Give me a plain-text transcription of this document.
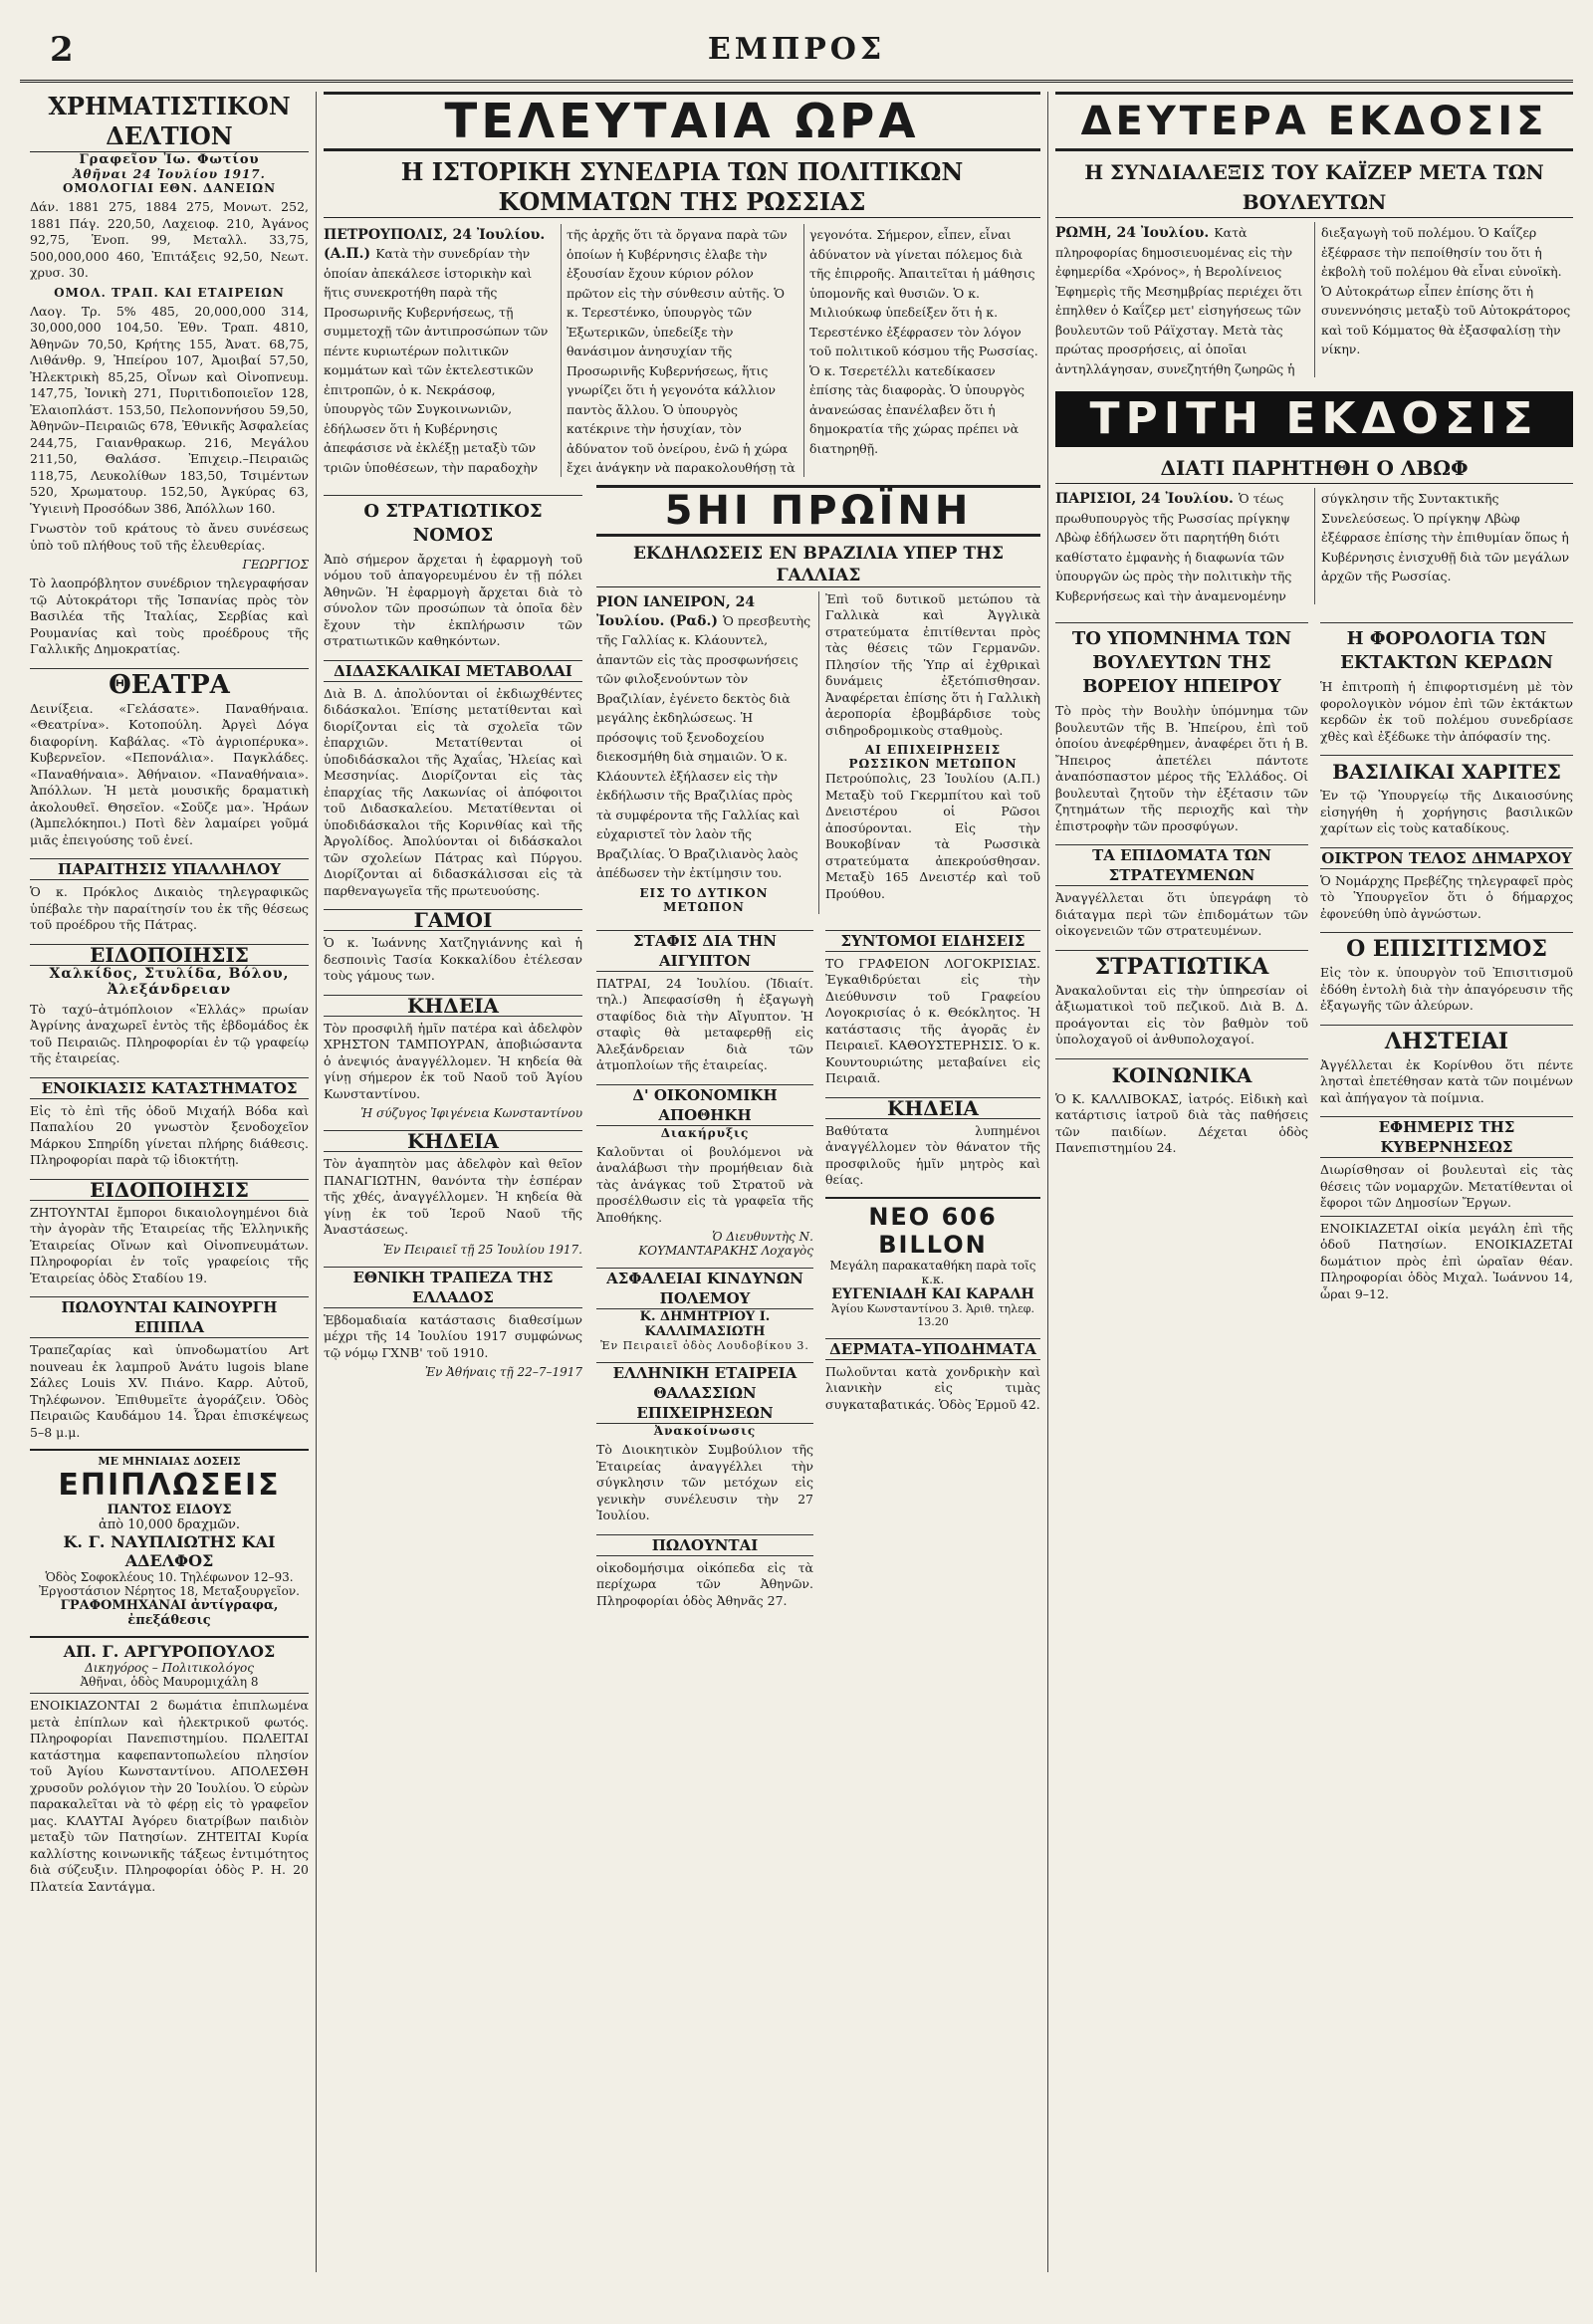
2	ΕΜΠΡΟΣ
ΧΡΗΜΑΤΙΣΤΙΚΟΝ ΔΕΛΤΙΟΝ
Γραφεῖον Ἰω. Φωτίου
Ἀθῆναι 24 Ἰουλίου 1917.
ΟΜΟΛΟΓΙΑΙ ΕΘΝ. ΔΑΝΕΙΩΝ

Δάν. 1881 275, 1884 275, Μονωτ. 252, 1881 Πάγ. 220,50, Λαχειοφ. 210, Ἀγάνος 92,75, Ἑνοπ. 99, Μεταλλ. 33,75, 500,000,000 460, Ἐπιτάξεις 92,50, Νεωτ. χρυσ. 30.

ΟΜΟΛ. ΤΡΑΠ. ΚΑΙ ΕΤΑΙΡΕΙΩΝ

Λαογ. Τρ. 5% 485, 20,000,000 314, 30,000,000 104,50. Ἐθν. Τραπ. 4810, Ἀθηνῶν 70,50, Κρήτης 155, Ἀνατ. 68,75, Λιθάνθρ. 9, Ἠπείρου 107, Ἀμοιβαί 57,50, Ἠλεκτρικὴ 85,25, Οἶνων καὶ Οἰνοπνευμ. 147,75, Ἰονικὴ 271, Πυριτιδοποιεῖον 128, Ἐλαιοπλάστ. 153,50, Πελοποννήσου 59,50, Ἀθηνῶν–Πειραιῶς 678, Ἐθνικῆς Ἀσφαλείας 244,75, Γαιανθρακωρ. 216, Μεγάλου 211,50, Θαλάσσ. Ἐπιχειρ.–Πειραιῶς 118,75, Λευκολίθων 183,50, Τσιμέντων 520, Χρωματουρ. 152,50, Ἀγκύρας 63, Ὑγιεινὴ Προσόδων 386, Ἀπόλλων 160.

Γνωστὸν τοῦ κράτους τὸ ἄνευ συνέσεως ὑπὸ τοῦ πλήθους τοῦ τῆς ἐλευθερίας.

ΓΕΩΡΓΙΟΣ

Τὸ λαοπρόβλητον συνέδριον τηλεγραφήσαν τῷ Αὐτοκράτορι τῆς Ἰσπανίας πρὸς τὸν Βασιλέα τῆς Ἰταλίας, Σερβίας καὶ Ρουμανίας καὶ τοὺς προέδρους τῆς Γαλλικῆς Δημοκρατίας.

ΘΕΑΤΡΑ

Δεινίξεια. «Γελάσατε». Παναθήναια. «Θεατρίνα». Κοτοπούλη. Ἀργεὶ Δόγα διαφορίνη. Καβάλας. «Τὸ ἀγριοπέρυκα». Κυβερνεῖον. «Πεπονάλια». Παγκλάδες. «Παναθήναια». Ἀθήναιον. «Παναθήναια». Ἀπόλλων. Ἡ μετὰ μουσικῆς δραματικὴ ἀκολουθεῖ. Θησεῖον. «Σοῦζε μα». Ἠράων (Ἀμπελόκηποι.) Ποτὶ δὲν λαμαίρει γοῦμά μιᾶς ἐπειγούσης τοῦ ἐνεί.

ΠΑΡΑΙΤΗΣΙΣ ΥΠΑΛΛΗΛΟΥ

Ὁ κ. Πρόκλος Δικαιὸς τηλεγραφικῶς ὑπέβαλε τὴν παραίτησίν του ἐκ τῆς θέσεως τοῦ προέδρου τῆς Πάτρας.

ΕΙΔΟΠΟΙΗΣΙΣ
Χαλκίδος, Στυλίδα, Βόλου, Ἀλεξάνδρειαν

Τὸ ταχύ–ἀτμόπλοιον «Ἑλλάς» πρωίαν Ἀγρίνης ἀναχωρεῖ ἐντὸς τῆς ἑβδομάδος ἐκ τοῦ Πειραιῶς. Πληροφορίαι ἐν τῷ γραφείῳ τῆς ἑταιρείας.

ΕΝΟΙΚΙΑΣΙΣ ΚΑΤΑΣΤΗΜΑΤΟΣ

Εἰς τὸ ἐπὶ τῆς ὁδοῦ Μιχαήλ Βόδα καὶ Παπαλίου 20 γνωστὸν ξενοδοχεῖον Μάρκου Σπηρίδη γίνεται πλήρης διάθεσις. Πληροφορίαι παρὰ τῷ ἰδιοκτήτῃ.

ΕΙΔΟΠΟΙΗΣΙΣ

ΖΗΤΟΥΝΤΑΙ ἔμποροι δικαιολογημένοι διὰ τὴν ἀγορὰν τῆς Ἑταιρείας τῆς Ἑλληνικῆς Ἑταιρείας Οἴνων καὶ Οἰνοπνευμάτων. Πληροφορίαι ἐν τοῖς γραφείοις τῆς Ἑταιρείας ὁδὸς Σταδίου 19.

ΠΩΛΟΥΝΤΑΙ ΚΑΙΝΟΥΡΓΗ ΕΠΙΠΛΑ

Τραπεζαρίας καὶ ὑπνοδωματίου Art nouveau ἐκ λαμπροῦ Ἀνάτυ lugois blane Σάλες Louis XV. Πιάνο. Καρρ. Αὐτοῦ, Τηλέφωνον. Ἐπιθυμεῖτε ἀγοράζειν. Ὁδὸς Πειραιῶς Καυδάμου 14. Ὧραι ἐπισκέψεως 5–8 μ.μ.

ΜΕ ΜΗΝΙΑΙΑΣ ΔΟΣΕΙΣ
ΕΠΙΠΛΩΣΕΙΣ
ΠΑΝΤΟΣ ΕΙΔΟΥΣ
ἀπὸ 10,000 δραχμῶν.
Κ. Γ. ΝΑΥΠΛΙΩΤΗΣ ΚΑΙ ΑΔΕΛΦΟΣ
Ὁδὸς Σοφοκλέους 10. Τηλέφωνον 12–93. Ἐργοστάσιον Νέρητος 18, Μεταξουργεῖον.
ΓΡΑΦΟΜΗΧΑΝΑΙ ἀντίγραφα, ἐπεξάθεσις
ΑΠ. Γ. ΑΡΓΥΡΟΠΟΥΛΟΣ
Δικηγόρος – Πολιτικολόγος
Ἀθῆναι, ὁδὸς Μαυρομιχάλη 8

ΕΝΟΙΚΙΑΖΟΝΤΑΙ 2 δωμάτια ἐπιπλωμένα μετὰ ἐπίπλων καὶ ἠλεκτρικοῦ φωτός. Πληροφορίαι Πανεπιστημίου. ΠΩΛΕΙΤΑΙ κατάστημα καφεπαντοπωλείου πλησίον τοῦ Ἀγίου Κωνσταντίνου. ΑΠΟΛΕΣΘΗ χρυσοῦν ρολόγιον τὴν 20 Ἰουλίου. Ὁ εὑρὼν παρακαλεῖται νὰ τὸ φέρῃ εἰς τὸ γραφεῖον μας. ΚΛΑΥΤΑΙ Ἀγόρευ διατρίβων παιδιὸν μεταξὺ τῶν Πατησίων. ΖΗΤΕΙΤΑΙ Κυρία καλλίστης κοινωνικῆς τάξεως ἐντιμότητος διὰ σύζευξιν. Πληροφορίαι ὁδὸς Ρ. Η. 20 Πλατεία Σαντάγμα.

ΤΕΛΕΥΤΑΙΑ ΩΡΑ
Η ΙΣΤΟΡΙΚΗ ΣΥΝΕΔΡΙΑ ΤΩΝ ΠΟΛΙΤΙΚΩΝ ΚΟΜΜΑΤΩΝ ΤΗΣ ΡΩΣΣΙΑΣ
ΠΕΤΡΟΥΠΟΛΙΣ, 24 Ἰουλίου. (Α.Π.) Κατὰ τὴν συνεδρίαν τὴν ὁποίαν ἀπεκάλεσε ἱστορικὴν καὶ ἥτις συνεκροτήθη παρὰ τῆς Προσωρινῆς Κυβερνήσεως, τῇ συμμετοχῇ τῶν ἀντιπροσώπων τῶν πέντε κυριωτέρων πολιτικῶν κομμάτων καὶ τῶν ἐκτελεστικῶν ἐπιτροπῶν, ὁ κ. Νεκράσοφ, ὑπουργὸς τῶν Συγκοινωνιῶν, ἐδήλωσεν ὅτι ἡ Κυβέρνησις ἀπεφάσισε νὰ ἐκλέξῃ μεταξὺ τῶν τριῶν ὑποθέσεων, τὴν παραδοχὴν τῆς ἀρχῆς ὅτι τὰ ὄργανα παρὰ τῶν ὁποίων ἡ Κυβέρνησις ἐλαβε τὴν ἐξουσίαν ἔχουν κύριον ρόλον πρῶτον εἰς τὴν σύνθεσιν αὐτῆς. Ὁ κ. Τερεστένκο, ὑπουργὸς τῶν Ἐξωτερικῶν, ὑπεδείξε τὴν θανάσιμον ἀνησυχίαν τῆς Προσωρινῆς Κυβερνήσεως, ἥτις γνωρίζει ὅτι ἡ γεγονότα κάλλιον παντὸς ἄλλου. Ὁ ὑπουργὸς κατέκρινε τὴν ἡσυχίαν, τὸν ἀδύνατον τοῦ ὀνείρου, ἐνῶ ἡ χώρα ἔχει ἀνάγκην νὰ παρακολουθήσῃ τὰ γεγονότα. Σήμερον, εἶπεν, εἶναι ἀδύνατον νὰ γίνεται πόλεμος διὰ τῆς ἐπιρροῆς. Ἀπαιτεῖται ἡ μάθησις ὑπομονῆς καὶ θυσιῶν. Ὁ κ. Μιλιούκωφ ὑπεδείξεν ὅτι ἡ κ. Τερεστένκο ἐξέφρασεν τὸν λόγον τοῦ πολιτικοῦ κόσμου τῆς Ρωσσίας. Ὁ κ. Τσερετέλλι κατεδίκασεν ἐπίσης τὰς διαφορὰς. Ὁ ὑπουργὸς ἀνανεώσας ἐπανέλαβεν ὅτι ἡ δημοκρατία τῆς χώρας πρέπει νὰ διατηρηθῇ.
Ο ΣΤΡΑΤΙΩΤΙΚΟΣ ΝΟΜΟΣ

Ἀπὸ σήμερον ἄρχεται ἡ ἐφαρμογὴ τοῦ νόμου τοῦ ἀπαγορευμένου ἐν τῇ πόλει Ἀθηνῶν. Ἡ ἐφαρμογὴ ἄρχεται διὰ τὸ σύνολον τῶν προσώπων τὰ ὁποῖα δὲν ἔχουν τὴν ἐκπλήρωσιν τῶν στρατιωτικῶν καθηκόντων.

ΔΙΔΑΣΚΑΛΙΚΑΙ ΜΕΤΑΒΟΛΑΙ

Διὰ Β. Δ. ἀπολύονται οἱ ἐκδιωχθέντες διδάσκαλοι. Ἐπίσης μετατίθενται καὶ διορίζονται εἰς τὰ σχολεῖα τῶν ἐπαρχιῶν. Μετατίθενται οἱ ὑποδιδάσκαλοι τῆς Ἀχαΐας, Ἠλείας καὶ Μεσσηνίας. Διορίζονται εἰς τὰς ἐπαρχίας τῆς Λακωνίας οἱ ἀπόφοιτοι τοῦ Διδασκαλείου. Μετατίθενται οἱ ὑποδιδάσκαλοι τῆς Κορινθίας καὶ τῆς Ἀργολίδος. Ἀπολύονται οἱ διδάσκαλοι τῶν σχολείων Πάτρας καὶ Πύργου. Διορίζονται αἱ διδασκάλισσαι εἰς τὰ παρθεναγωγεῖα τῆς πρωτευούσης.

ΓΑΜΟΙ

Ὁ κ. Ἰωάννης Χατζηγιάννης καὶ ἡ δεσποινὶς Τασία Κοκκαλίδου ἐτέλεσαν τοὺς γάμους των.

ΚΗΔΕΙΑ

Τὸν προσφιλῆ ἡμῖν πατέρα καὶ ἀδελφὸν ΧΡΗΣΤΟΝ ΤΑΜΠΟΥΡΑΝ, ἀποβιώσαντα ὁ ἀνεψιός ἀναγγέλλομεν. Ἡ κηδεία θὰ γίνῃ σήμερον ἐκ τοῦ Ναοῦ τοῦ Ἁγίου Κωνσταντίνου.

Ἡ σύζυγος Ἰφιγένεια Κωνσταντίνου
ΚΗΔΕΙΑ

Τὸν ἀγαπητὸν μας ἀδελφὸν καὶ θεῖον ΠΑΝΑΓΙΩΤΗΝ, θανόντα τὴν ἑσπέραν τῆς χθές, ἀναγγέλλομεν. Ἡ κηδεία θὰ γίνῃ ἐκ τοῦ Ἱεροῦ Ναοῦ τῆς Ἀναστάσεως.

Ἐν Πειραιεῖ τῇ 25 Ἰουλίου 1917.
ΕΘΝΙΚΗ ΤΡΑΠΕΖΑ ΤΗΣ ΕΛΛΑΔΟΣ

Ἑβδομαδιαία κατάστασις διαθεσίμων μέχρι τῆς 14 Ἰουλίου 1917 συμφώνως τῷ νόμῳ ΓΧΝΒ' τοῦ 1910.

Ἐν Ἀθήναις τῇ 22–7–1917
5ΗΙ ΠΡΩΪΝΗ
ΕΚΔΗΛΩΣΕΙΣ ΕΝ ΒΡΑΖΙΛΙΑ ΥΠΕΡ ΤΗΣ ΓΑΛΛΙΑΣ
ΡΙΟΝ ΙΑΝΕΙΡΟΝ, 24 Ἰουλίου. (Ραδ.) Ὁ πρεσβευτὴς τῆς Γαλλίας κ. Κλάουντελ, ἀπαντῶν εἰς τὰς προσφωνήσεις τῶν φιλοξενούντων τὸν Βραζιλίαν, ἐγένετο δεκτὸς διὰ μεγάλης ἐκδηλώσεως. Ἡ πρόσοψις τοῦ ξενοδοχείου διεκοσμήθη διὰ σημαιῶν. Ὁ κ. Κλάουντελ ἐξήλασεν εἰς τὴν ἐκδήλωσιν τῆς Βραζιλίας πρὸς τὰ συμφέροντα τῆς Γαλλίας καὶ εὐχαριστεῖ τὸν λαὸν τῆς Βραζιλίας. Ὁ Βραζιλιανὸς λαὸς ἀπέδωσεν τὴν ἐκτίμησιν του.
ΕΙΣ ΤΟ ΔΥΤΙΚΟΝ ΜΕΤΩΠΟΝ
Ἐπὶ τοῦ δυτικοῦ μετώπου τὰ Γαλλικὰ καὶ Ἀγγλικὰ στρατεύματα ἐπιτίθενται πρὸς τὰς θέσεις τῶν Γερμανῶν. Πλησίον τῆς Ὑπρ αἱ ἐχθρικαὶ δυνάμεις ἐξετόπισθησαν. Ἀναφέρεται ἐπίσης ὅτι ἡ Γαλλικὴ ἀεροπορία ἐβομβάρδισε τοὺς σιδηροδρομικοὺς σταθμοὺς.
ΑΙ ΕΠΙΧΕΙΡΗΣΕΙΣ ΡΩΣΣΙΚΟΝ ΜΕΤΩΠΟΝ
Πετρούπολις, 23 Ἰουλίου (Α.Π.) Μεταξὺ τοῦ Γκερμπίτου καὶ τοῦ Δνειστέρου οἱ Ρῶσοι ἀποσύρονται. Εἰς τὴν Βουκοβίναν τὰ Ρωσσικὰ στρατεύματα ἀπεκρούσθησαν. Μεταξὺ 165 Δνειστέρ καὶ τοῦ Προύθου.
ΣΤΑΦΙΣ ΔΙΑ ΤΗΝ ΑΙΓΥΠΤΟΝ

ΠΑΤΡΑΙ, 24 Ἰουλίου. (Ἰδιαίτ. τηλ.) Ἀπεφασίσθη ἡ ἐξαγωγὴ σταφίδος διὰ τὴν Αἴγυπτον. Ἡ σταφὶς θὰ μεταφερθῇ εἰς Ἀλεξάνδρειαν διὰ τῶν ἀτμοπλοίων τῆς ἑταιρείας.

Δ' ΟΙΚΟΝΟΜΙΚΗ ΑΠΟΘΗΚΗ
Διακήρυξις

Καλοῦνται οἱ βουλόμενοι νὰ ἀναλάβωσι τὴν προμήθειαν διὰ τὰς ἀνάγκας τοῦ Στρατοῦ νὰ προσέλθωσιν εἰς τὰ γραφεῖα τῆς Ἀποθήκης.

Ὁ Διευθυντὴς Ν. ΚΟΥΜΑΝΤΑΡΑΚΗΣ Λοχαγὸς
ΑΣΦΑΛΕΙΑΙ ΚΙΝΔΥΝΩΝ ΠΟΛΕΜΟΥ
Κ. ΔΗΜΗΤΡΙΟΥ Ι. ΚΑΛΛΙΜΑΣΙΩΤΗ
Ἐν Πειραιεῖ ὁδὸς Λουδοβίκου 3.
ΕΛΛΗΝΙΚΗ ΕΤΑΙΡΕΙΑ ΘΑΛΑΣΣΙΩΝ ΕΠΙΧΕΙΡΗΣΕΩΝ
Ἀνακοίνωσις

Τὸ Διοικητικὸν Συμβούλιον τῆς Ἑταιρείας ἀναγγέλλει τὴν σύγκλησιν τῶν μετόχων εἰς γενικὴν συνέλευσιν τὴν 27 Ἰουλίου.

ΠΩΛΟΥΝΤΑΙ

οἰκοδομήσιμα οἰκόπεδα εἰς τὰ περίχωρα τῶν Ἀθηνῶν. Πληροφορίαι ὁδὸς Ἀθηνᾶς 27.

ΣΥΝΤΟΜΟΙ ΕΙΔΗΣΕΙΣ

ΤΟ ΓΡΑΦΕΙΟΝ ΛΟΓΟΚΡΙΣΙΑΣ. Ἐγκαθιδρύεται εἰς τὴν Διεύθυνσιν τοῦ Γραφείου Λογοκρισίας ὁ κ. Θεόκλητος. Ἡ κατάστασις τῆς ἀγορᾶς ἐν Πειραιεῖ. ΚΑΘΟΥΣΤΕΡΗΣΙΣ. Ὁ κ. Κουντουριώτης μεταβαίνει εἰς Πειραιᾶ.

ΚΗΔΕΙΑ

Βαθύτατα λυπημένοι ἀναγγέλλομεν τὸν θάνατον τῆς προσφιλοῦς ἡμῖν μητρὸς καὶ θείας.

ΝΕΟ 606 BILLON
Μεγάλη παρακαταθήκη παρὰ τοῖς κ.κ.
ΕΥΓΕΝΙΑΔΗ ΚΑΙ ΚΑΡΑΛΗ
Ἁγίου Κωνσταντίνου 3. Ἀριθ. τηλεφ. 13.20
ΔΕΡΜΑΤΑ–ΥΠΟΔΗΜΑΤΑ

Πωλοῦνται κατὰ χονδρικὴν καὶ λιανικὴν εἰς τιμὰς συγκαταβατικάς. Ὁδὸς Ἐρμοῦ 42.

ΔΕΥΤΕΡΑ ΕΚΔΟΣΙΣ
Η ΣΥΝΔΙΑΛΕΞΙΣ ΤΟΥ ΚΑΪΖΕΡ ΜΕΤΑ ΤΩΝ ΒΟΥΛΕΥΤΩΝ
ΡΩΜΗ, 24 Ἰουλίου. Κατὰ πληροφορίας δημοσιευομένας εἰς τὴν ἐφημερίδα «Χρόνος», ἡ Βερολίνειος Ἐφημερὶς τῆς Μεσημβρίας περιέχει ὅτι ἐπηλθεν ὁ Καΐζερ μετ' εἰσηγήσεως τῶν βουλευτῶν τοῦ Ράϊχσταγ. Μετὰ τὰς πρώτας προσρήσεις, αἱ ὁποῖαι ἀντηλλάγησαν, συνεζητήθη ζωηρῶς ἡ διεξαγωγὴ τοῦ πολέμου. Ὁ Καΐζερ ἐξέφρασε τὴν πεποίθησίν του ὅτι ἡ ἐκβολὴ τοῦ πολέμου θὰ εἶναι εὐνοϊκὴ. Ὁ Αὐτοκράτωρ εἶπεν ἐπίσης ὅτι ἡ συνεννόησις μεταξὺ τοῦ Αὐτοκράτορος καὶ τοῦ Κόμματος θὰ ἐξασφαλίσῃ τὴν νίκην.
ΤΡΙΤΗ ΕΚΔΟΣΙΣ
ΔΙΑΤΙ ΠΑΡΗΤΗΘΗ Ο ΛΒΩΦ
ΠΑΡΙΣΙΟΙ, 24 Ἰουλίου. Ὁ τέως πρωθυπουργὸς τῆς Ρωσσίας πρίγκηψ Λβὼφ ἐδήλωσεν ὅτι παρητήθη διότι καθίστατο ἐμφανὴς ἡ διαφωνία τῶν ὑπουργῶν ὡς πρὸς τὴν πολιτικὴν τῆς Κυβερνήσεως καὶ τὴν ἀναμενομένην σύγκλησιν τῆς Συντακτικῆς Συνελεύσεως. Ὁ πρίγκηψ Λβὼφ ἐξέφρασε ἐπίσης τὴν ἐπιθυμίαν ὅπως ἡ Κυβέρνησις ἐνισχυθῇ διὰ τῶν μεγάλων ἀρχῶν τῆς Ρωσσίας.
ΤΟ ΥΠΟΜΝΗΜΑ ΤΩΝ ΒΟΥΛΕΥΤΩΝ ΤΗΣ ΒΟΡΕΙΟΥ ΗΠΕΙΡΟΥ

Τὸ πρὸς τὴν Βουλὴν ὑπόμνημα τῶν βουλευτῶν τῆς Β. Ἠπείρου, ἐπὶ τοῦ ὁποίου ἀνεφέρθημεν, ἀναφέρει ὅτι ἡ Β. Ἤπειρος ἀπετέλει πάντοτε ἀναπόσπαστον μέρος τῆς Ἑλλάδος. Οἱ βουλευταὶ ζητοῦν τὴν ἐξέτασιν τῶν ζητημάτων τῆς περιοχῆς καὶ τὴν ἐπιστροφὴν τῶν προσφύγων.

ΤΑ ΕΠΙΔΟΜΑΤΑ ΤΩΝ ΣΤΡΑΤΕΥΜΕΝΩΝ

Ἀναγγέλλεται ὅτι ὑπεγράφη τὸ διάταγμα περὶ τῶν ἐπιδομάτων τῶν οἰκογενειῶν τῶν στρατευμένων.

ΣΤΡΑΤΙΩΤΙΚΑ

Ἀνακαλοῦνται εἰς τὴν ὑπηρεσίαν οἱ ἀξιωματικοὶ τοῦ πεζικοῦ. Διὰ Β. Δ. προάγονται εἰς τὸν βαθμὸν τοῦ ὑπολοχαγοῦ οἱ ἀνθυπολοχαγοί.

ΚΟΙΝΩΝΙΚΑ

Ὁ Κ. ΚΑΛΛΙΒΟΚΑΣ, ἰατρός. Εἰδικὴ καὶ κατάρτισις ἰατροῦ διὰ τὰς παθήσεις τῶν παιδίων. Δέχεται ὁδὸς Πανεπιστημίου 24.

Η ΦΟΡΟΛΟΓΙΑ ΤΩΝ ΕΚΤΑΚΤΩΝ ΚΕΡΔΩΝ

Ἡ ἐπιτροπὴ ἡ ἐπιφορτισμένη μὲ τὸν φορολογικὸν νόμον ἐπὶ τῶν ἐκτάκτων κερδῶν ἐκ τοῦ πολέμου συνεδρίασε χθὲς καὶ ἐξέδωκε τὴν ἀπόφασίν της.

ΒΑΣΙΛΙΚΑΙ ΧΑΡΙΤΕΣ

Ἐν τῷ Ὑπουργείῳ τῆς Δικαιοσύνης εἰσηγήθη ἡ χορήγησις βασιλικῶν χαρίτων εἰς τοὺς καταδίκους.

ΟΙΚΤΡΟΝ ΤΕΛΟΣ ΔΗΜΑΡΧΟΥ

Ὁ Νομάρχης Πρεβέζης τηλεγραφεῖ πρὸς τὸ Ὑπουργεῖον ὅτι ὁ δήμαρχος ἐφονεύθη ὑπὸ ἀγνώστων.

Ο ΕΠΙΣΙΤΙΣΜΟΣ

Εἰς τὸν κ. ὑπουργὸν τοῦ Ἐπισιτισμοῦ ἐδόθη ἐντολὴ διὰ τὴν ἀπαγόρευσιν τῆς ἐξαγωγῆς τῶν ἀλεύρων.

ΛΗΣΤΕΙΑΙ

Ἀγγέλλεται ἐκ Κορίνθου ὅτι πέντε λησταὶ ἐπετέθησαν κατὰ τῶν ποιμένων καὶ ἀπήγαγον τὰ ποίμνια.

ΕΦΗΜΕΡΙΣ ΤΗΣ ΚΥΒΕΡΝΗΣΕΩΣ

Διωρίσθησαν οἱ βουλευταὶ εἰς τὰς θέσεις τῶν νομαρχῶν. Μετατίθενται οἱ ἔφοροι τῶν Δημοσίων Ἔργων.

ΕΝΟΙΚΙΑΖΕΤΑΙ οἰκία μεγάλη ἐπὶ τῆς ὁδοῦ Πατησίων. ΕΝΟΙΚΙΑΖΕΤΑΙ δωμάτιον πρὸς ἐπὶ ὡραῖαν θέαν. Πληροφορίαι ὁδὸς Μιχαλ. Ἰωάννου 14, ὧραι 9–12.
